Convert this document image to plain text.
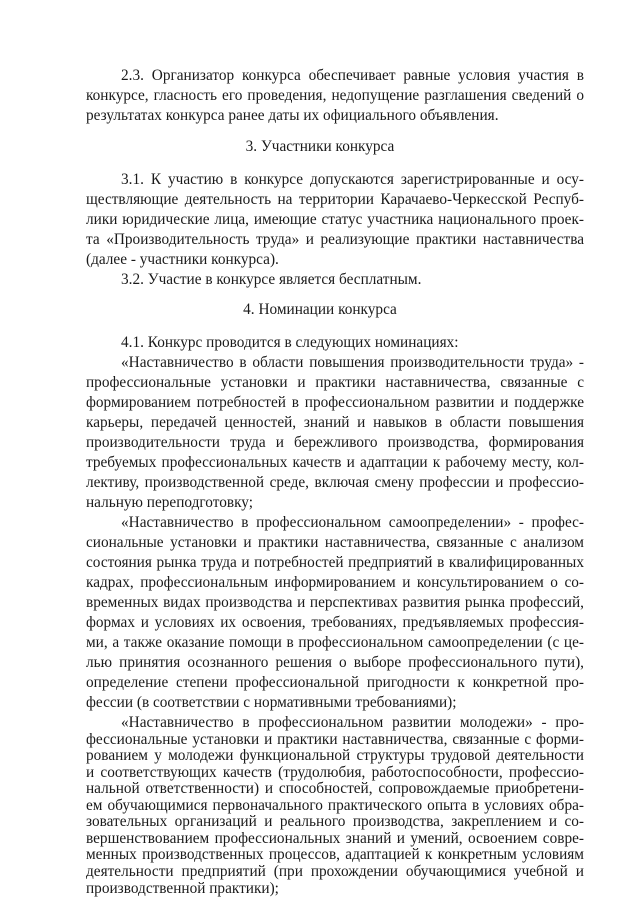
2.3. Организатор конкурса обеспечивает равные условия участия в
конкурсе, гласность его проведения, недопущение разглашения сведений о
результатах конкурса ранее даты их официального объявления.
3. Участники конкурса
3.1. К участию в конкурсе допускаются зарегистрированные и осу-
ществляющие деятельность на территории Карачаево-Черкесской Респуб-
лики юридические лица, имеющие статус участника национального проек-
та «Производительность труда» и реализующие практики наставничества
(далее - участники конкурса).
3.2. Участие в конкурсе является бесплатным.
4. Номинации конкурса
4.1. Конкурс проводится в следующих номинациях:
«Наставничество в области повышения производительности труда» -
профессиональные установки и практики наставничества, связанные с
формированием потребностей в профессиональном развитии и поддержке
карьеры, передачей ценностей, знаний и навыков в области повышения
производительности труда и бережливого производства, формирования
требуемых профессиональных качеств и адаптации к рабочему месту, кол-
лективу, производственной среде, включая смену профессии и профессио-
нальную переподготовку;
«Наставничество в профессиональном самоопределении» - профес-
сиональные установки и практики наставничества, связанные с анализом
состояния рынка труда и потребностей предприятий в квалифицированных
кадрах, профессиональным информированием и консультированием о со-
временных видах производства и перспективах развития рынка профессий,
формах и условиях их освоения, требованиях, предъявляемых профессия-
ми, а также оказание помощи в профессиональном самоопределении (с це-
лью принятия осознанного решения о выборе профессионального пути),
определение степени профессиональной пригодности к конкретной про-
фессии (в соответствии с нормативными требованиями);
«Наставничество в профессиональном развитии молодежи» - про-
фессиональные установки и практики наставничества, связанные с форми-
рованием у молодежи функциональной структуры трудовой деятельности
и соответствующих качеств (трудолюбия, работоспособности, профессио-
нальной ответственности) и способностей, сопровождаемые приобретени-
ем обучающимися первоначального практического опыта в условиях обра-
зовательных организаций и реального производства, закреплением и со-
вершенствованием профессиональных знаний и умений, освоением совре-
менных производственных процессов, адаптацией к конкретным условиям
деятельности предприятий (при прохождении обучающимися учебной и
производственной практики);
